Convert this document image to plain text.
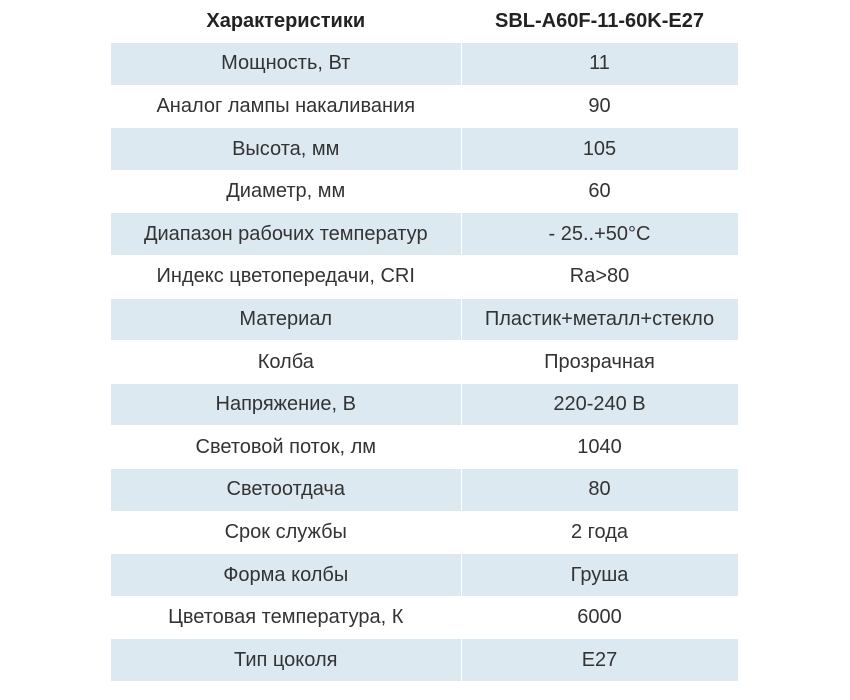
Характеристики	SBL-A60F-11-60K-E27
Мощность, Вт	11
Аналог лампы накаливания	90
Высота, мм	105
Диаметр, мм	60
Диапазон рабочих температур	- 25..+50°C
Индекс цветопередачи, CRI	Ra>80
Материал	Пластик+металл+стекло
Колба	Прозрачная
Напряжение, В	220-240 В
Световой поток, лм	1040
Светоотдача	80
Срок службы	2 года
Форма колбы	Груша
Цветовая температура, К	6000
Тип цоколя	E27
